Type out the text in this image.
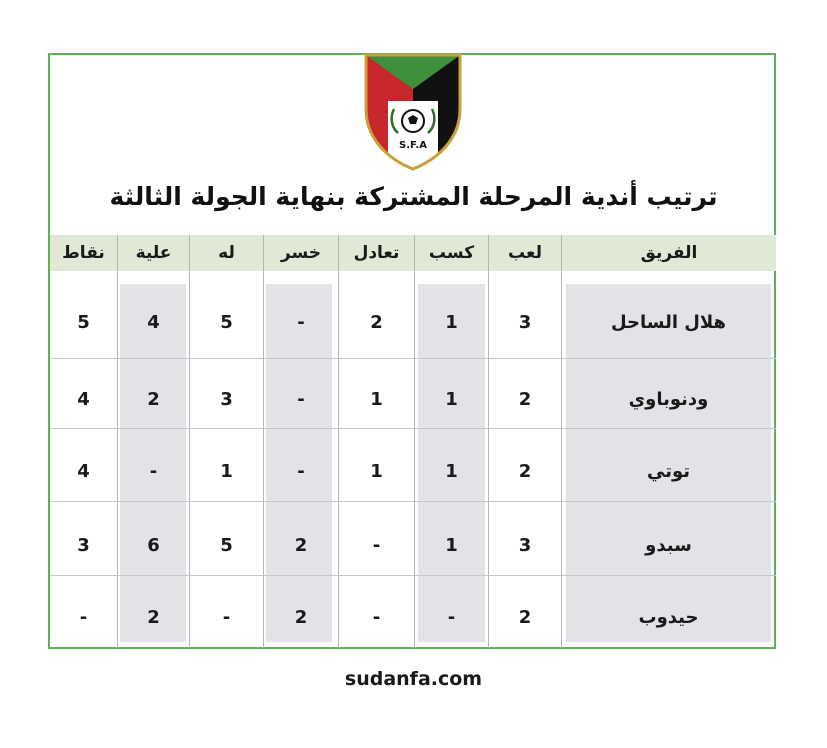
S.F.A
ترتيب أندية المرحلة المشتركة بنهاية الجولة الثالثة
الفريق
لعب
كسب
تعادل
خسر
له
علية
نقاط
هلال الساحل
3
1
2
-
5
4
5
ودنوباوي
2
1
1
-
3
2
4
توتي
2
1
1
-
1
-
4
سبدو
3
1
-
2
5
6
3
حيدوب
2
-
-
2
-
2
-
sudanfa.com
